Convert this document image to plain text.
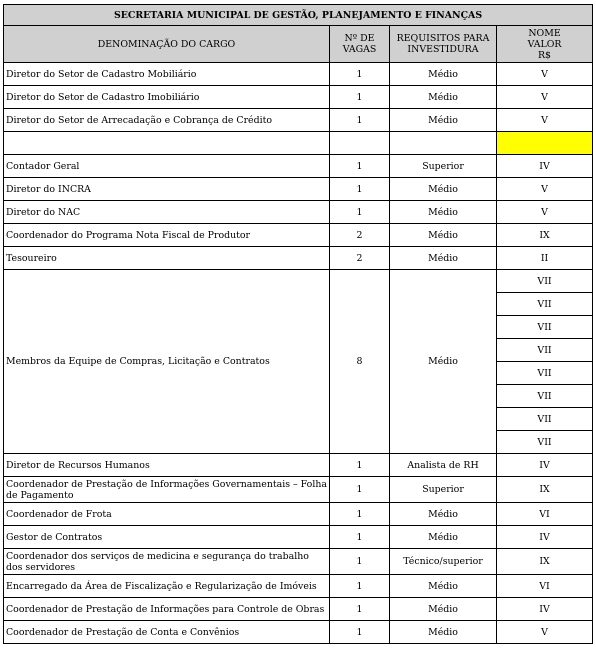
SECRETARIA MUNICIPAL DE GESTÃO, PLANEJAMENTO E FINANÇAS			
DENOMINAÇÃO DO CARGO	Nº DE VAGAS	REQUISITOS PARA INVESTIDURA	NOME
VALOR
R$

Diretor do Setor de Cadastro Mobiliário	1	Médio	V
Diretor do Setor de Cadastro Imobiliário	1	Médio	V
Diretor do Setor de Arrecadação e Cobrança de Crédito	1	Médio	V

Contador Geral	1	Superior	IV
Diretor do INCRA	1	Médio	V
Diretor do NAC	1	Médio	V
Coordenador do Programa Nota Fiscal de Produtor	2	Médio	IX
Tesoureiro	2	Médio	II
Membros da Equipe de Compras, Licitação e Contratos	8	Médio	VII
			VII
			VII
			VII
			VII
			VII
			VII
			VII
Diretor de Recursos Humanos	1	Analista de RH	IV
Coordenador de Prestação de Informações Governamentais – Folha de Pagamento	1	Superior	IX
Coordenador de Frota	1	Médio	VI
Gestor de Contratos	1	Médio	IV
Coordenador dos serviços de medicina e segurança do trabalho dos servidores	1	Técnico/superior	IX
Encarregado da Área de Fiscalização e Regularização de Imóveis	1	Médio	VI
Coordenador de Prestação de Informações para Controle de Obras	1	Médio	IV
Coordenador de Prestação de Conta e Convênios	1	Médio	V
